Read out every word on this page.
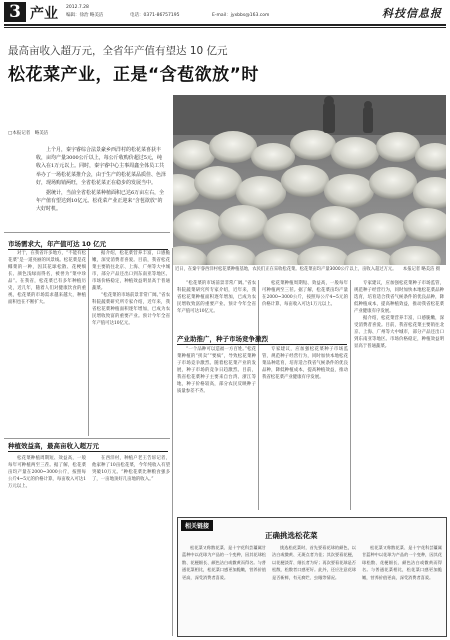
3 产业 2012.7.28
编辑：徐治 略美洁	电话：0371-86757195	E-mail：jyxbbs@163.com	科技信息报
最高亩收入超万元，全省年产值有望达 10 亿元
松花菜产业，正是“含苞欲放”时
□本报记者　略美洁

上个月，秦宇睿综合法景豪乡西洋村的松花菜喜获丰收，亩均产量3000公斤以上，每公斤收购价超过5元，纯收入在1万元以上。同时，秦宇睿中心主事周鑫全体员工共举办了一场松花菜推介会，由于生产的松花菜品质佳、色泽好，现场购销两旺，全省松花菜正在稳步的发展当中。

据统计，当前全省松花菜种植面积已达6万亩左右，全年产值有望达到10亿元。松花菜产业正迎来“含苞欲放”的大好时机。

近日，在秦宇睿西洋村松花菜种植基地，农民们正在采收松花菜。松花菜亩均产量3000公斤以上，亩收入超过万元。　　本报记者 略美洁 摄
市场需求大，年产值可达 10 亿元

对于，在我省许多地方，“不能有松花菜”是一道亮丽的风景线。松花菜是花椰菜的一种，因其花球松散、花梗细长、颜色浅绿而得名，被誉为“菜中珍品”。在我省，松花菜已有多年种植历史，近几年，随着人们对健康饮食的重视，松花菜的市场需求越来越大，种植面积也在不断扩大。

据介绍，松花菜营养丰富，口感脆嫩，深受消费者喜爱。目前，我省松花菜主要销往北京、上海、广州等大中城市，部分产品还出口到东南亚等地区。市场价格稳定，种植效益明显高于普通蔬菜。

“松花菜的市场前景非常广阔。”省农科院蔬菜研究所专家介绍，近年来，我省松花菜种植面积逐年增加，已成为农民增收致富的重要产业。预计今年全省年产值可达10亿元。

种植效益高，最高亩收入超万元

松花菜种植周期短、效益高，一般每年可种植两至三茬。据了解，松花菜亩均产量在2000~3000公斤，按照每公斤4~5元的价格计算，每亩收入可达1万元以上。

在西洋村，种植户老王告诉记者，他家种了10亩松花菜，今年纯收入有望突破10万元。“种松花菜比种粮食强多了，一亩地顶好几亩地的收入。”

“松花菜的市场前景非常广阔。”省农科院蔬菜研究所专家介绍，近年来，我省松花菜种植面积逐年增加，已成为农民增收致富的重要产业。预计今年全省年产值可达10亿元。

松花菜种植周期短、效益高，一般每年可种植两至三茬。据了解，松花菜亩均产量在2000~3000公斤，按照每公斤4~5元的价格计算，每亩收入可达1万元以上。

专家建议，应加强松花菜种子市场监管，规范种子经营行为，同时加快本地松花菜品种选育，培育适合我省气候条件的优良品种，降低种植成本，提高种植效益，推动我省松花菜产业健康有序发展。

据介绍，松花菜营养丰富，口感脆嫩，深受消费者喜爱。目前，我省松花菜主要销往北京、上海、广州等大中城市，部分产品还出口到东南亚等地区。市场价格稳定，种植效益明显高于普通蔬菜。

产业助推广，种子市场竞争激烈

“一个品种可以造福一方百姓。”松花菜种植的“拐卖”“要疯”，导致松花菜种子市场竞争激烈。随着松花菜产业的发展，种子市场的竞争日趋激烈。目前，我省松花菜种子主要来自台湾、浙江等地，种子价格较高，部分农民反映种子质量参差不齐。

专家建议，应加强松花菜种子市场监管，规范种子经营行为，同时加快本地松花菜品种选育，培育适合我省气候条件的优良品种，降低种植成本，提高种植效益，推动我省松花菜产业健康有序发展。

相关链接
正确挑选松花菜

松花菜又称散花菜、是十字花科芸薹属甘蓝种中以花球为产品的一个变种，因其花球松散、花梗细长、颜色洁白或微黄而得名。与普通花菜相比，松花菜口感更加脆嫩，营养价值更高，深受消费者喜爱。

挑选松花菜时，首先要看花球的颜色，以洁白或微黄、无斑点者为佳；其次要看花梗，以花梗淡青、细长者为好；再次要看花球是否松散，松散者口感更好。此外，还应注意花球是否新鲜，有无腐烂、虫眼等情况。

松花菜又称散花菜、是十字花科芸薹属甘蓝种中以花球为产品的一个变种，因其花球松散、花梗细长、颜色洁白或微黄而得名。与普通花菜相比，松花菜口感更加脆嫩，营养价值更高，深受消费者喜爱。
